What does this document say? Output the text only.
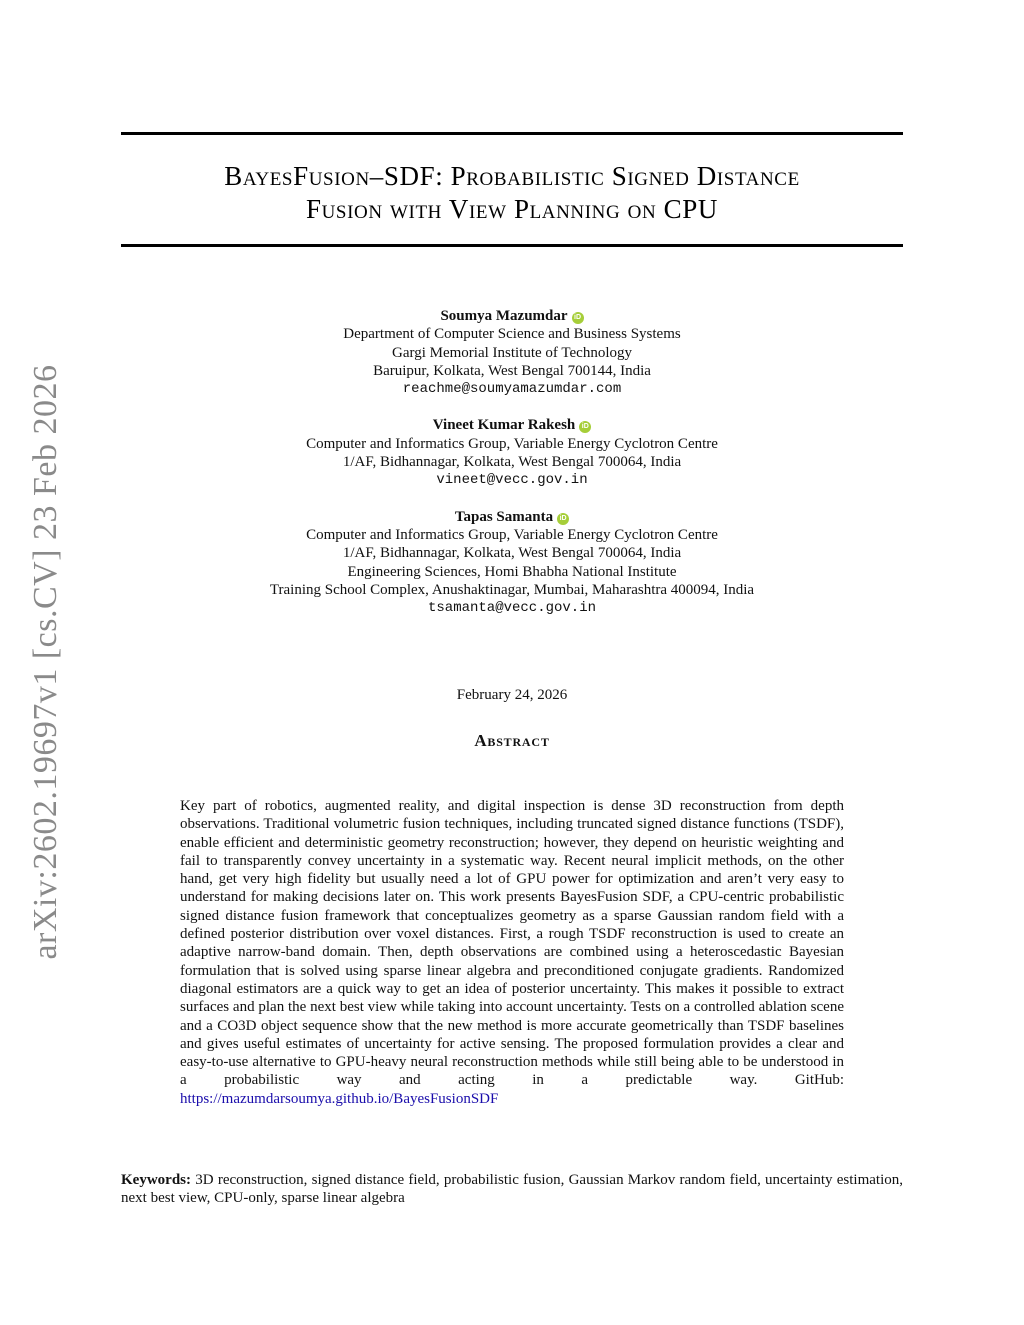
arXiv:2602.19697v1 [cs.CV] 23 Feb 2026
BayesFusion–SDF: Probabilistic Signed Distance
Fusion with View Planning on CPU
Soumya Mazumdar iD
Department of Computer Science and Business Systems
Gargi Memorial Institute of Technology
Baruipur, Kolkata, West Bengal 700144, India
reachme@soumyamazumdar.com
Vineet Kumar Rakesh iD
Computer and Informatics Group, Variable Energy Cyclotron Centre
1/AF, Bidhannagar, Kolkata, West Bengal 700064, India
vineet@vecc.gov.in
Tapas Samanta iD
Computer and Informatics Group, Variable Energy Cyclotron Centre
1/AF, Bidhannagar, Kolkata, West Bengal 700064, India
Engineering Sciences, Homi Bhabha National Institute
Training School Complex, Anushaktinagar, Mumbai, Maharashtra 400094, India
tsamanta@vecc.gov.in
February 24, 2026
Abstract
Key part of robotics, augmented reality, and digital inspection is dense 3D reconstruction from depth observations. Traditional volumetric fusion techniques, including truncated signed distance functions (TSDF), enable efficient and deterministic geometry reconstruction; however, they depend on heuristic weighting and fail to transparently convey uncertainty in a systematic way. Recent neural implicit methods, on the other hand, get very high fidelity but usually need a lot of GPU power for optimization and aren’t very easy to understand for making decisions later on. This work presents BayesFusion SDF, a CPU-centric probabilistic signed distance fusion framework that conceptualizes geometry as a sparse Gaussian random field with a defined posterior distribution over voxel distances. First, a rough TSDF reconstruction is used to create an adaptive narrow-band domain. Then, depth observations are combined using a heteroscedastic Bayesian formulation that is solved using sparse linear algebra and preconditioned conjugate gradients. Randomized diagonal estimators are a quick way to get an idea of posterior uncertainty. This makes it possible to extract surfaces and plan the next best view while taking into account uncertainty. Tests on a controlled ablation scene and a CO3D object sequence show that the new method is more accurate geometrically than TSDF baselines and gives useful estimates of uncertainty for active sensing. The proposed formulation provides a clear and easy-to-use alternative to GPU-heavy neural reconstruction methods while still being able to be understood in a probabilistic way and acting in a predictable way. GitHub: https://mazumdarsoumya.github.io/BayesFusionSDF
Keywords: 3D reconstruction, signed distance field, probabilistic fusion, Gaussian Markov random field, uncertainty estimation, next best view, CPU-only, sparse linear algebra
